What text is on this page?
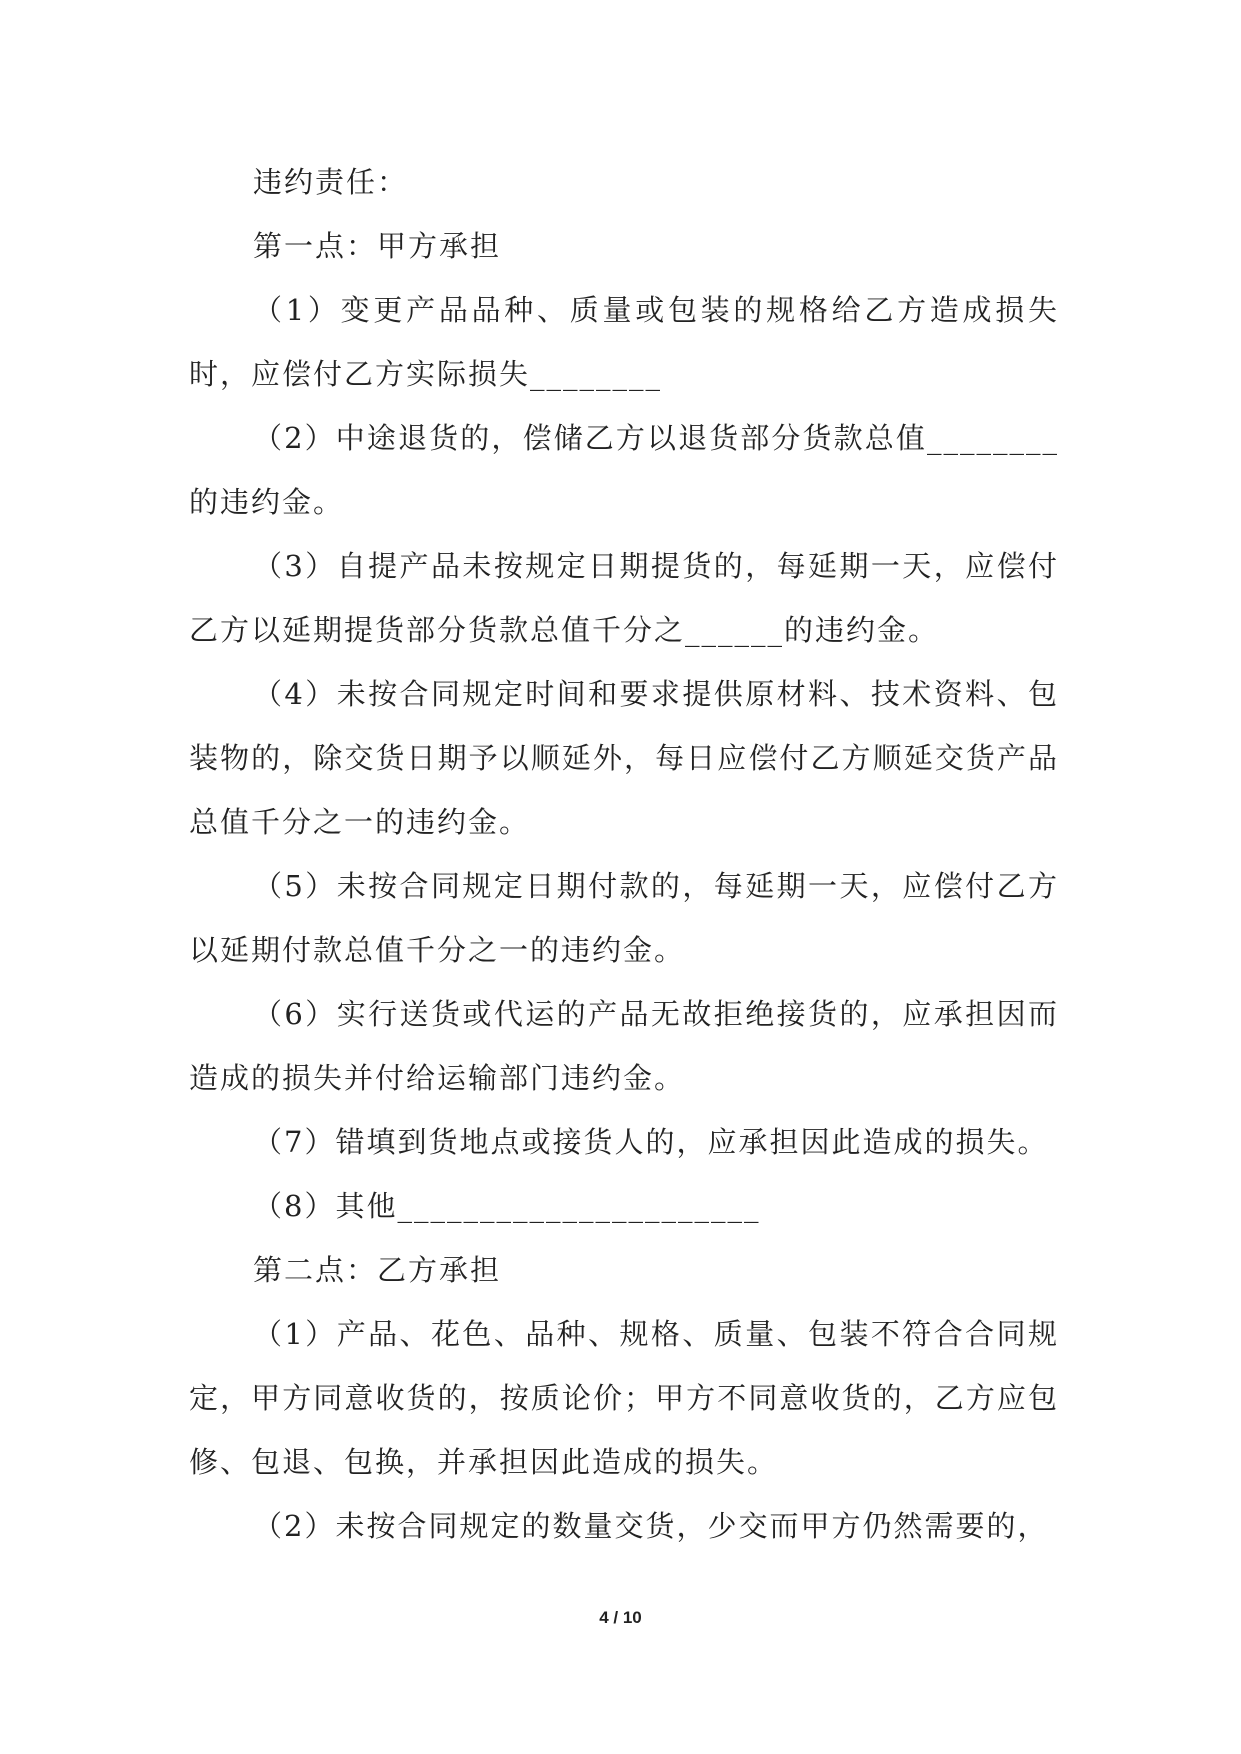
违约责任：

第一点：甲方承担

（1）变更产品品种、质量或包装的规格给乙方造成损失时，应偿付乙方实际损失________

（2）中途退货的，偿储乙方以退货部分货款总值________的违约金。

（3）自提产品未按规定日期提货的，每延期一天，应偿付乙方以延期提货部分货款总值千分之______的违约金。

（4）未按合同规定时间和要求提供原材料、技术资料、包装物的，除交货日期予以顺延外，每日应偿付乙方顺延交货产品总值千分之一的违约金。

（5）未按合同规定日期付款的，每延期一天，应偿付乙方以延期付款总值千分之一的违约金。

（6）实行送货或代运的产品无故拒绝接货的，应承担因而造成的损失并付给运输部门违约金。

（7）错填到货地点或接货人的，应承担因此造成的损失。

（8）其他______________________

第二点：乙方承担

（1）产品、花色、品种、规格、质量、包装不符合合同规定，甲方同意收货的，按质论价；甲方不同意收货的，乙方应包修、包退、包换，并承担因此造成的损失。

（2）未按合同规定的数量交货，少交而甲方仍然需要的，

4 / 10
